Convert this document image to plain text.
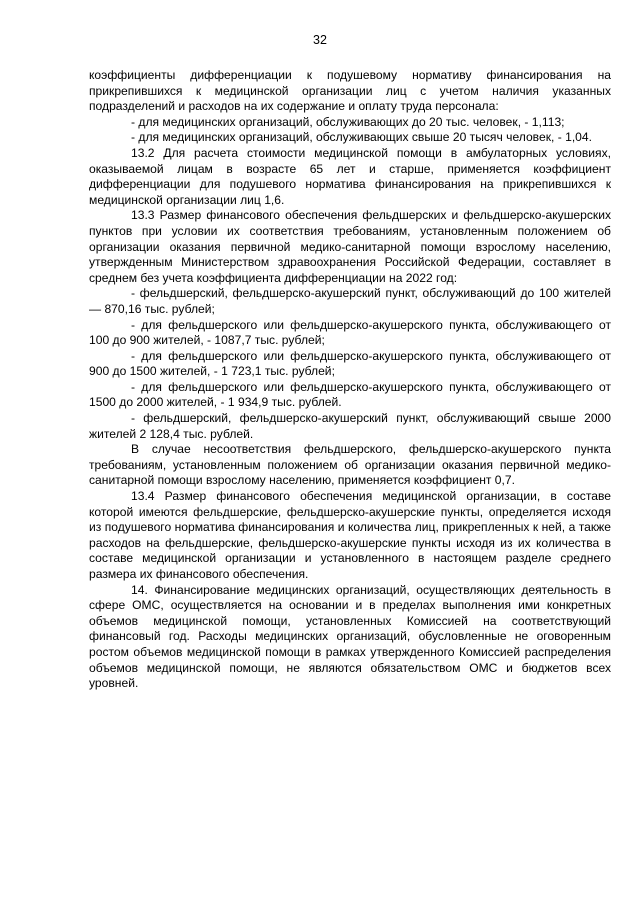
32

коэффициенты дифференциации к подушевому нормативу финансирования на прикрепившихся к медицинской организации лиц с учетом наличия указанных подразделений и расходов на их содержание и оплату труда персонала:

- для медицинских организаций, обслуживающих до 20 тыс. человек, - 1,113;

- для медицинских организаций, обслуживающих свыше 20 тысяч человек, - 1,04.

13.2 Для расчета стоимости медицинской помощи в амбулаторных условиях, оказываемой лицам в возрасте 65 лет и старше, применяется коэффициент дифференциации для подушевого норматива финансирования на прикрепившихся к медицинской организации лиц 1,6.

13.3 Размер финансового обеспечения фельдшерских и фельдшерско-акушерских пунктов при условии их соответствия требованиям, установленным положением об организации оказания первичной медико-санитарной помощи взрослому населению, утвержденным Министерством здравоохранения Российской Федерации, составляет в среднем без учета коэффициента дифференциации на 2022 год:

- фельдшерский, фельдшерско-акушерский пункт, обслуживающий до 100 жителей — 870,16 тыс. рублей;

- для фельдшерского или фельдшерско-акушерского пункта, обслуживающего от 100 до 900 жителей, - 1087,7 тыс. рублей;

- для фельдшерского или фельдшерско-акушерского пункта, обслуживающего от 900 до 1500 жителей, - 1 723,1 тыс. рублей;

- для фельдшерского или фельдшерско-акушерского пункта, обслуживающего от 1500 до 2000 жителей, - 1 934,9 тыс. рублей.

- фельдшерский, фельдшерско-акушерский пункт, обслуживающий свыше 2000 жителей 2 128,4 тыс. рублей.

В случае несоответствия фельдшерского, фельдшерско-акушерского пункта требованиям, установленным положением об организации оказания первичной медико-санитарной помощи взрослому населению, применяется коэффициент 0,7.

13.4 Размер финансового обеспечения медицинской организации, в составе которой имеются фельдшерские, фельдшерско-акушерские пункты, определяется исходя из подушевого норматива финансирования и количества лиц, прикрепленных к ней, а также расходов на фельдшерские, фельдшерско-акушерские пункты исходя из их количества в составе медицинской организации и установленного в настоящем разделе среднего размера их финансового обеспечения.

14. Финансирование медицинских организаций, осуществляющих деятельность в сфере ОМС, осуществляется на основании и в пределах выполнения ими конкретных объемов медицинской помощи, установленных Комиссией на соответствующий финансовый год. Расходы медицинских организаций, обусловленные не оговоренным ростом объемов медицинской помощи в рамках утвержденного Комиссией распределения объемов медицинской помощи, не являются обязательством ОМС и бюджетов всех уровней.
